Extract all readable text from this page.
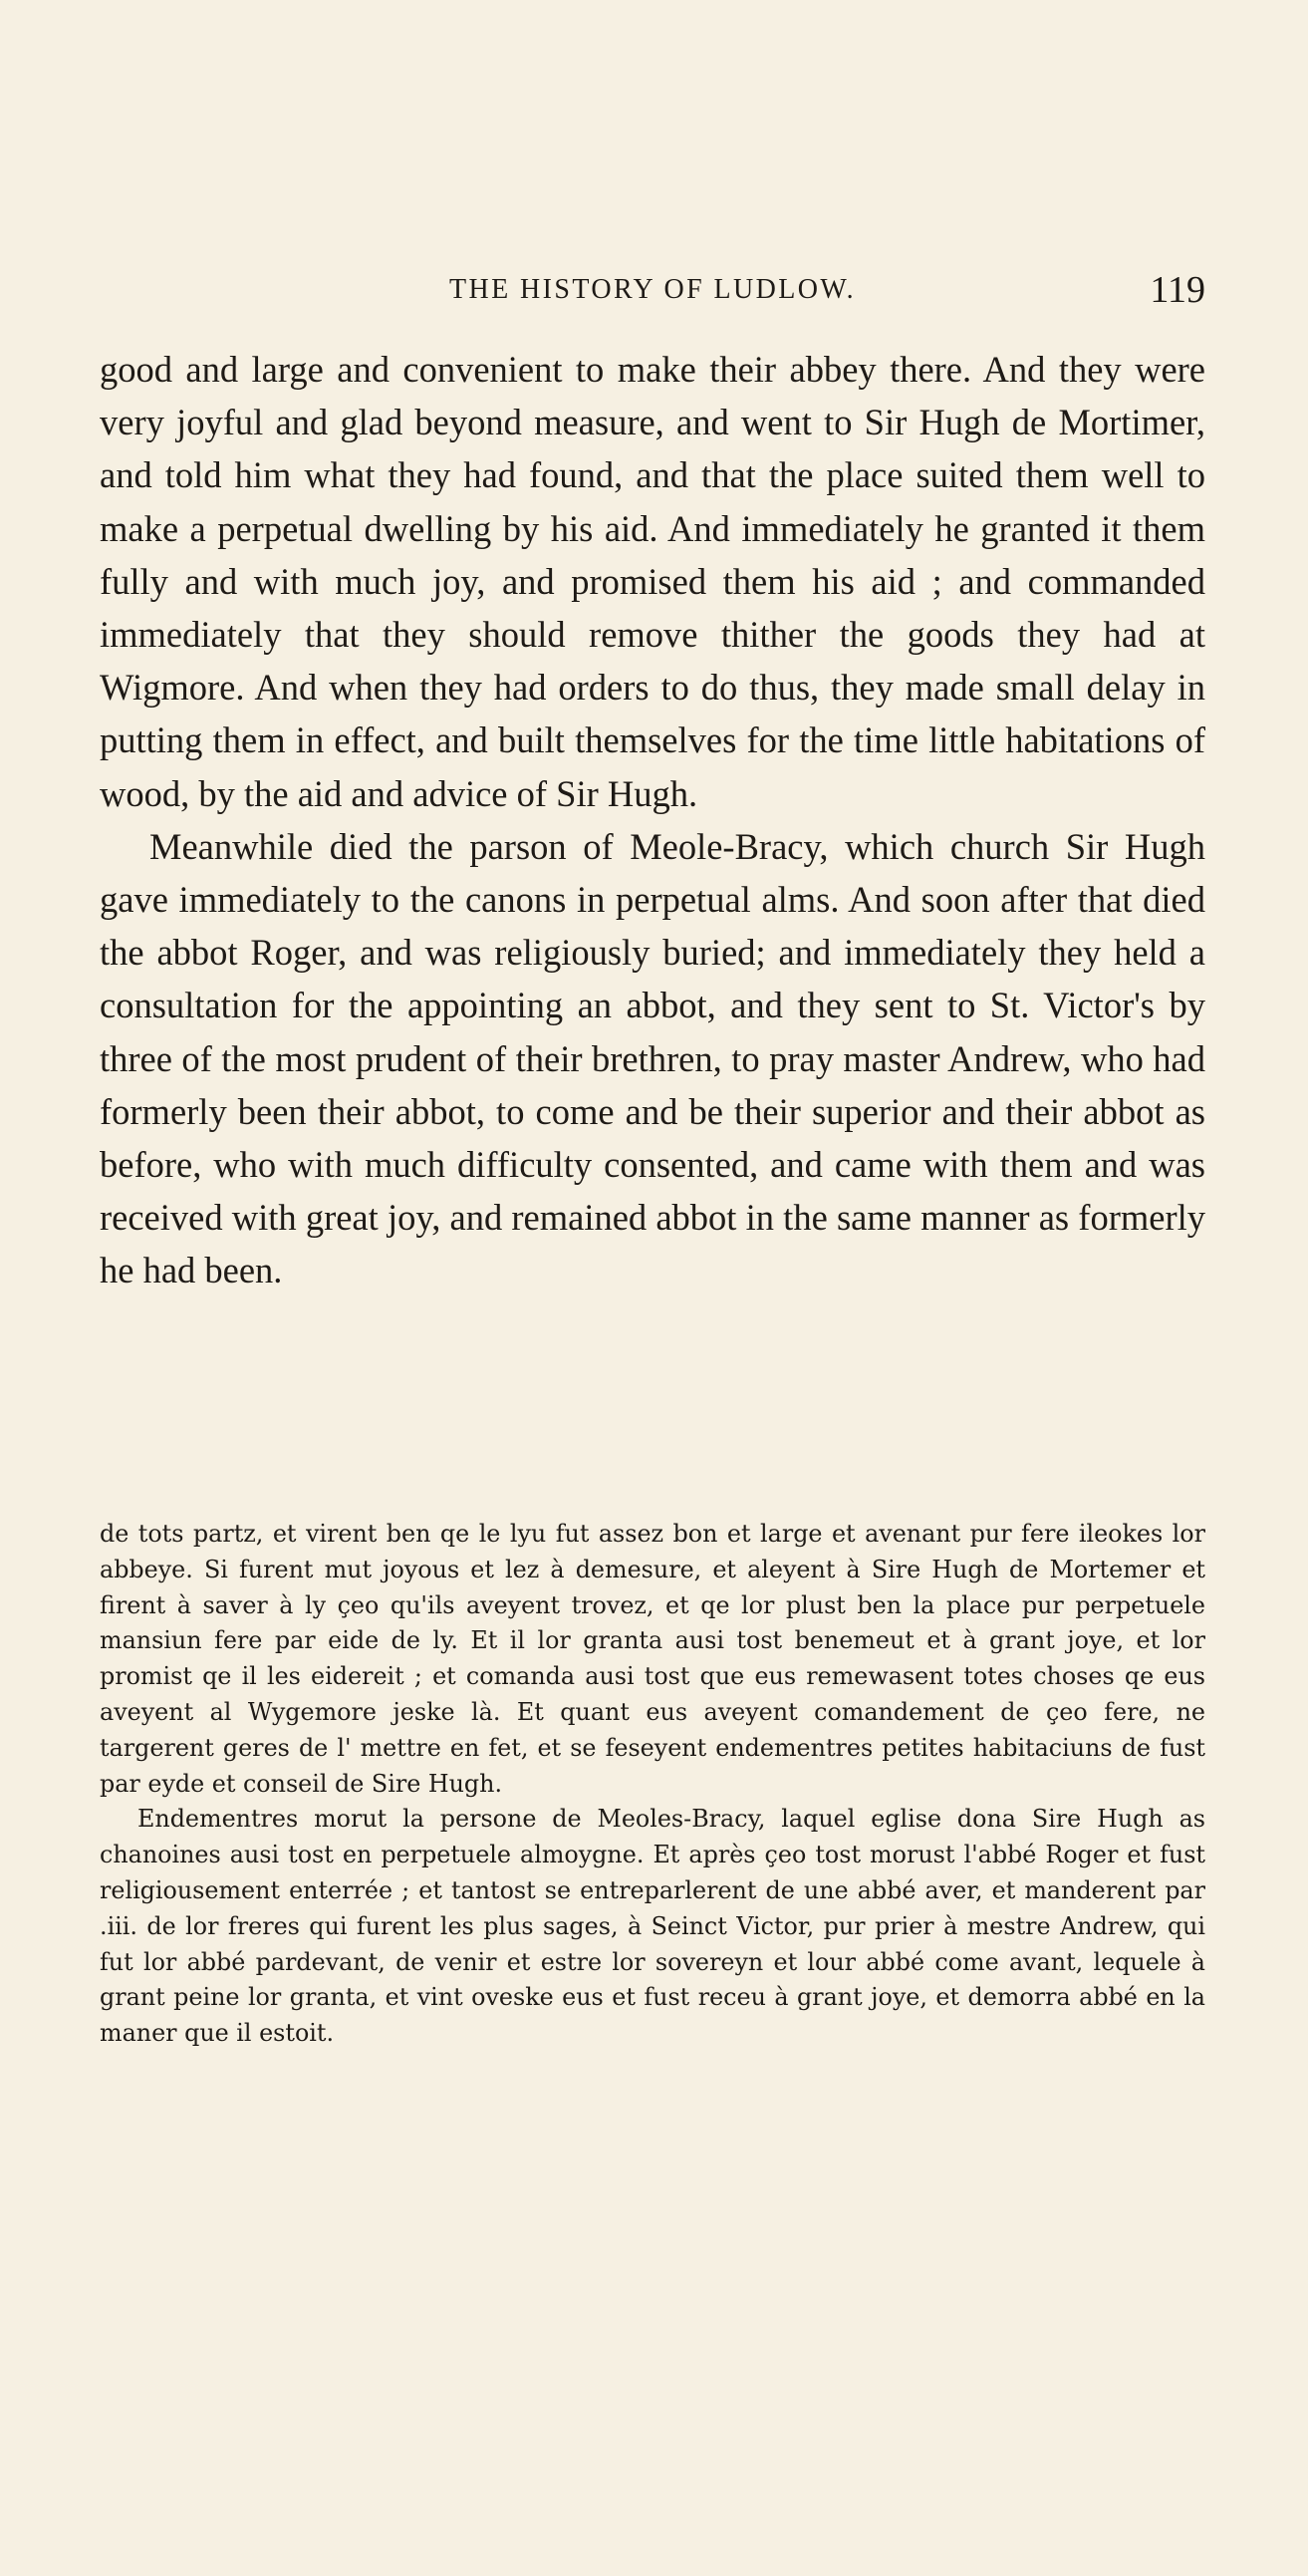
THE HISTORY OF LUDLOW.	119

good and large and convenient to make their abbey there. And they were very joyful and glad beyond measure, and went to Sir Hugh de Mortimer, and told him what they had found, and that the place suited them well to make a perpetual dwelling by his aid. And immediately he granted it them fully and with much joy, and promised them his aid ; and commanded immediately that they should remove thither the goods they had at Wigmore. And when they had orders to do thus, they made small delay in putting them in effect, and built themselves for the time little habitations of wood, by the aid and advice of Sir Hugh.

Meanwhile died the parson of Meole-Bracy, which church Sir Hugh gave immediately to the canons in perpetual alms. And soon after that died the abbot Roger, and was religiously buried; and immediately they held a consultation for the appointing an abbot, and they sent to St. Victor's by three of the most prudent of their brethren, to pray master Andrew, who had formerly been their abbot, to come and be their superior and their abbot as before, who with much difficulty consented, and came with them and was received with great joy, and remained abbot in the same manner as formerly he had been.

de tots partz, et virent ben qe le lyu fut assez bon et large et avenant pur fere ileokes lor abbeye. Si furent mut joyous et lez à demesure, et aleyent à Sire Hugh de Mortemer et firent à saver à ly çeo qu'ils aveyent trovez, et qe lor plust ben la place pur perpetuele mansiun fere par eide de ly. Et il lor granta ausi tost benemeut et à grant joye, et lor promist qe il les eidereit ; et comanda ausi tost que eus remewasent totes choses qe eus aveyent al Wygemore jeske là. Et quant eus aveyent comandement de çeo fere, ne targerent geres de l' mettre en fet, et se feseyent endementres petites habitaciuns de fust par eyde et conseil de Sire Hugh.

Endementres morut la persone de Meoles-Bracy, laquel eglise dona Sire Hugh as chanoines ausi tost en perpetuele almoygne. Et après çeo tost morust l'abbé Roger et fust religiousement enterrée ; et tantost se entreparlerent de une abbé aver, et manderent par .iii. de lor freres qui furent les plus sages, à Seinct Victor, pur prier à mestre Andrew, qui fut lor abbé pardevant, de venir et estre lor sovereyn et lour abbé come avant, lequele à grant peine lor granta, et vint oveske eus et fust receu à grant joye, et demorra abbé en la maner que il estoit.
